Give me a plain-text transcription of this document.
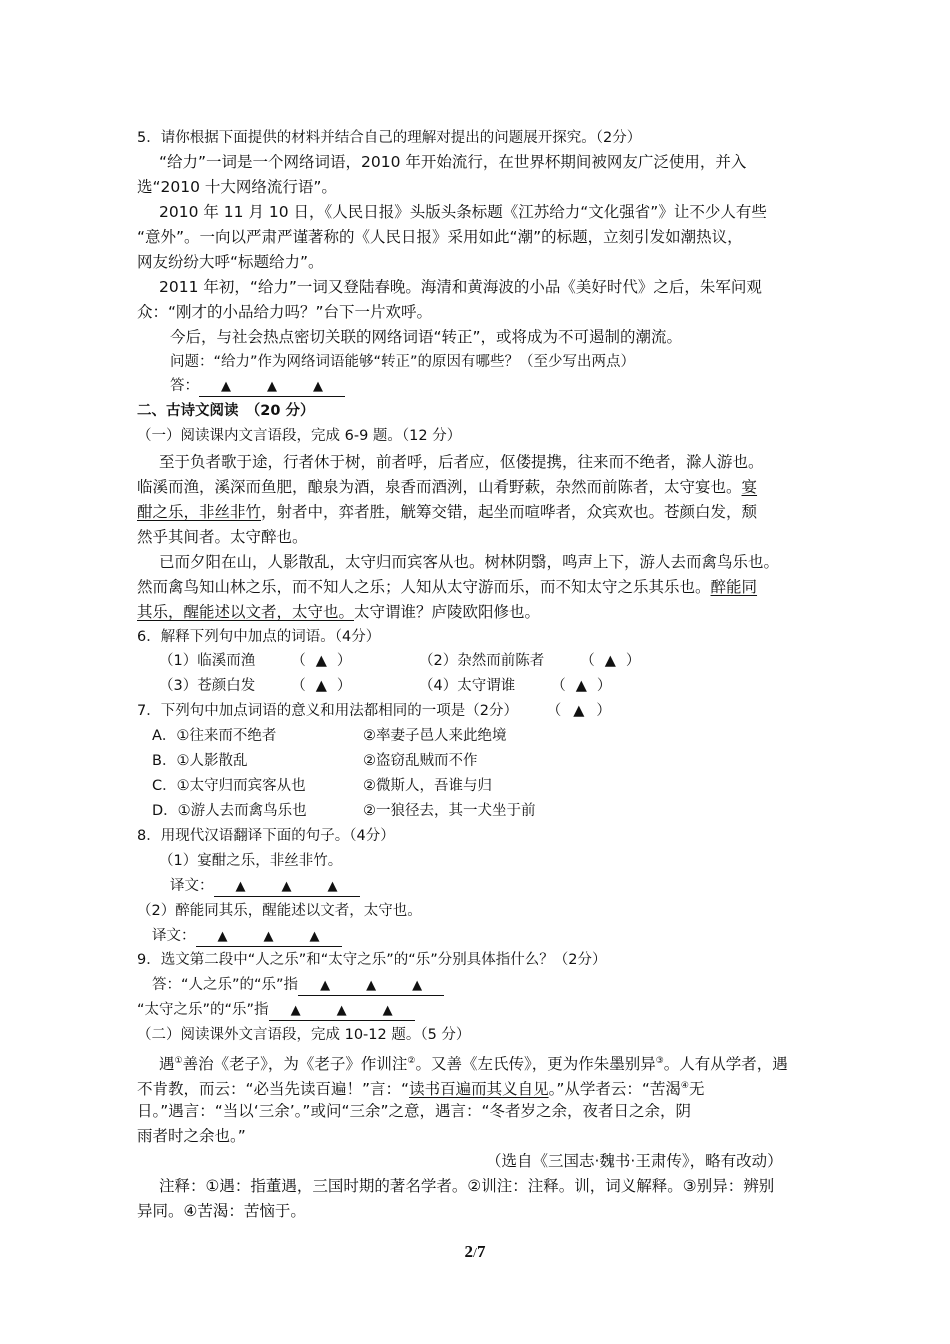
5．请你根据下面提供的材料并结合自己的理解对提出的问题展开探究。（2分）
“给力”一词是一个网络词语，2010 年开始流行，在世界杯期间被网友广泛使用，并入
选“2010 十大网络流行语”。
2010 年 11 月 10 日，《人民日报》头版头条标题《江苏给力“文化强省”》让不少人有些
“意外”。一向以严肃严谨著称的《人民日报》采用如此“潮”的标题，立刻引发如潮热议，
网友纷纷大呼“标题给力”。
2011 年初，“给力”一词又登陆春晚。海清和黄海波的小品《美好时代》之后，朱军问观
众：“刚才的小品给力吗？”台下一片欢呼。
今后，与社会热点密切关联的网络词语“转正”，或将成为不可遏制的潮流。
问题：“给力”作为网络词语能够“转正”的原因有哪些？（至少写出两点）
答： ▲	▲	▲
二、古诗文阅读　（20 分）
（一）阅读课内文言语段，完成 6-9 题。（12 分）
至于负者歌于途，行者休于树，前者呼，后者应，伛偻提携，往来而不绝者，滁人游也。
临溪而渔，溪深而鱼肥，酿泉为酒，泉香而酒洌，山肴野蔌，杂然而前陈者，太守宴也。宴
酣之乐，非丝非竹，射者中，弈者胜，觥筹交错，起坐而喧哗者，众宾欢也。苍颜白发，颓
然乎其间者。太守醉也。
已而夕阳在山，人影散乱，太守归而宾客从也。树林阴翳，鸣声上下，游人去而禽鸟乐也。
然而禽鸟知山林之乐，而不知人之乐；人知从太守游而乐，而不知太守之乐其乐也。醉能同
其乐，醒能述以文者，太守也。太守谓谁？庐陵欧阳修也。
6．解释下列句中加点的词语。（4分）
（1）临溪而渔 （ ▲ ）	（2）杂然而前陈者 （ ▲ ）
（3）苍颜白发 （ ▲ ）	（4）太守谓谁 （ ▲ ）
7．下列句中加点词语的意义和用法都相同的一项是（2分） （ ▲ ）
A．①往来而不绝者	②率妻子邑人来此绝境
B．①人影散乱	②盗窃乱贼而不作
C．①太守归而宾客从也	②微斯人，吾谁与归
D．①游人去而禽鸟乐也	②一狼径去，其一犬坐于前
8．用现代汉语翻译下面的句子。（4分）
（1）宴酣之乐，非丝非竹。
译文： ▲	▲	▲
（2）醉能同其乐，醒能述以文者，太守也。
译文： ▲	▲	▲
9．选文第二段中“人之乐”和“太守之乐”的“乐”分别具体指什么？（2分）
答：“人之乐”的“乐”指 ▲	▲	▲
“太守之乐”的“乐”指 ▲	▲	▲
（二）阅读课外文言语段，完成 10-12 题。（5 分）
遇①善治《老子》，为《老子》作训注②。又善《左氏传》，更为作朱墨别异③。人有从学者，遇
不肯教，而云：“必当先读百遍！”言：“读书百遍而其义自见。”从学者云：“苦渴④无
日。”遇言：“当以‘三余’。”或问“三余”之意，遇言：“冬者岁之余，夜者日之余，阴
雨者时之余也。”
（选自《三国志·魏书·王肃传》，略有改动）
注释：①遇：指董遇，三国时期的著名学者。②训注：注释。训，词义解释。③别异：辨别
异同。④苦渴：苦恼于。
2/7
